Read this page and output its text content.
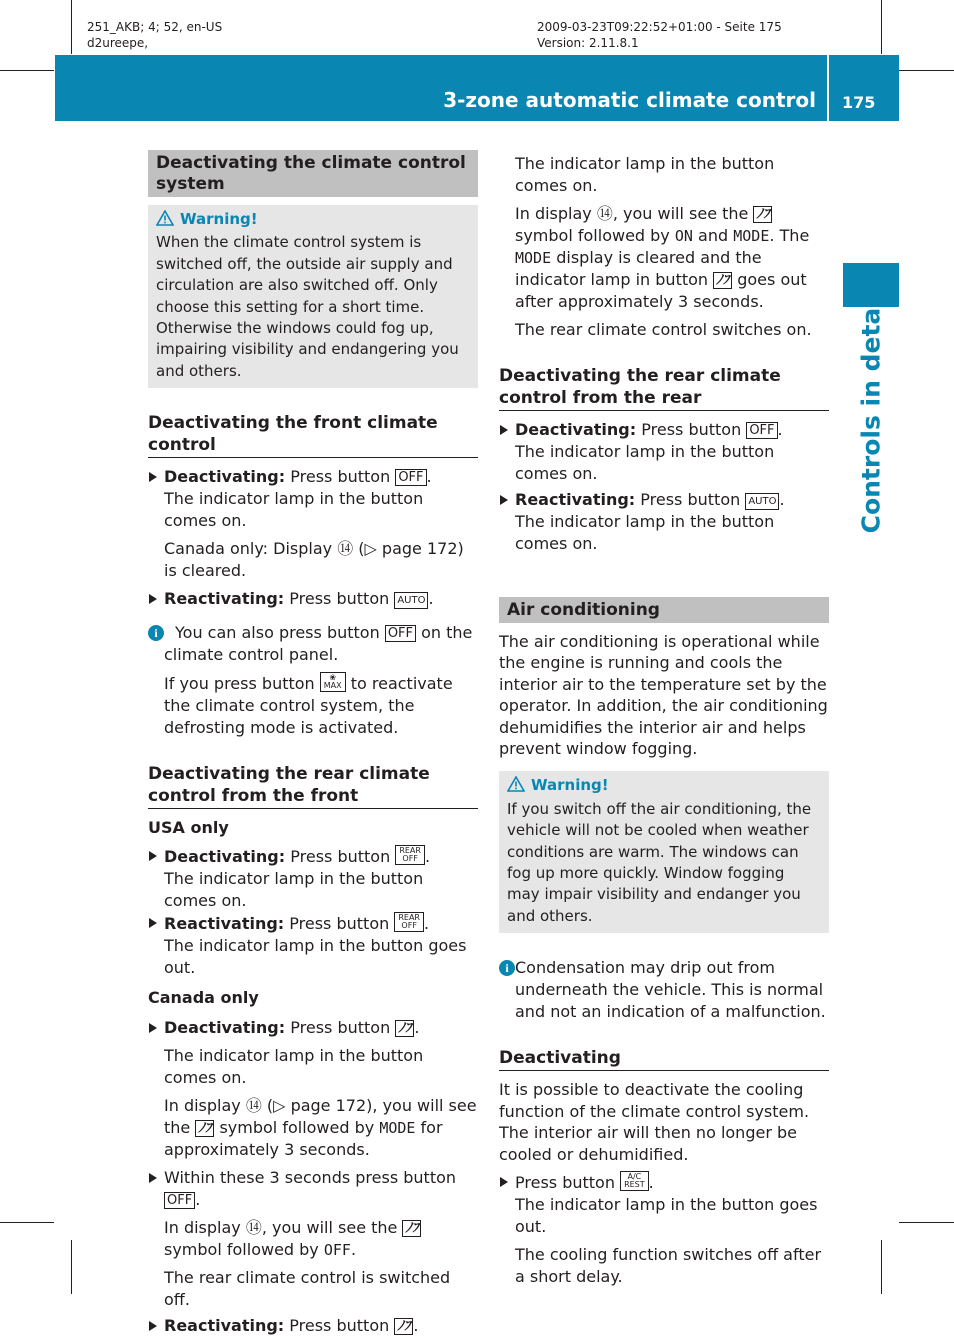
251_AKB; 4; 52, en-US
d2ureepe,
2009-03-23T09:22:52+01:00 - Seite 175
Version: 2.11.8.1
3-zone automatic climate control 175
Controls in detail
Deactivating the climate control system
Warning!
When the climate control system is switched off, the outside air supply and circulation are also switched off. Only choose this setting for a short time. Otherwise the windows could fog up, impairing visibility and endangering you and others.
Deactivating the front climate control
Deactivating: Press button OFF .
The indicator lamp in the button comes on.
Canada only: Display ⑭ (▷ page 172) is cleared.
Reactivating: Press button AUTO .
i	You can also press button OFF on the climate control panel.
If you press button ❀
MAX to reactivate the climate control system, the defrosting mode is activated.
Deactivating the rear climate control from the front
USA only
Deactivating: Press button REAR
OFF .
The indicator lamp in the button comes on.
Reactivating: Press button REAR
OFF .
The indicator lamp in the button goes out.
Canada only
Deactivating: Press button ﾉﾌ .
The indicator lamp in the button comes on.
In display ⑭ (▷ page 172), you will see the ﾉﾌ symbol followed by MODE for approximately 3 seconds.
Within these 3 seconds press button OFF .
In display ⑭, you will see the ﾉﾌ symbol followed by OFF.
The rear climate control is switched off.
Reactivating: Press button ﾉﾌ .
The indicator lamp in the button comes on.
In display ⑭, you will see the ﾉﾌ symbol followed by ON and MODE. The MODE display is cleared and the indicator lamp in button ﾉﾌ goes out after approximately 3 seconds.
The rear climate control switches on.
Deactivating the rear climate control from the rear
Deactivating: Press button OFF .
The indicator lamp in the button comes on.
Reactivating: Press button AUTO .
The indicator lamp in the button comes on.
Air conditioning
The air conditioning is operational while the engine is running and cools the interior air to the temperature set by the operator. In addition, the air conditioning dehumidifies the interior air and helps prevent window fogging.
Warning!
If you switch off the air conditioning, the vehicle will not be cooled when weather conditions are warm. The windows can fog up more quickly. Window fogging may impair visibility and endanger you and others.
i Condensation may drip out from underneath the vehicle. This is normal and not an indication of a malfunction.
Deactivating
It is possible to deactivate the cooling function of the climate control system. The interior air will then no longer be cooled or dehumidified.
Press button A/C
REST .
The indicator lamp in the button goes out.
The cooling function switches off after a short delay.
